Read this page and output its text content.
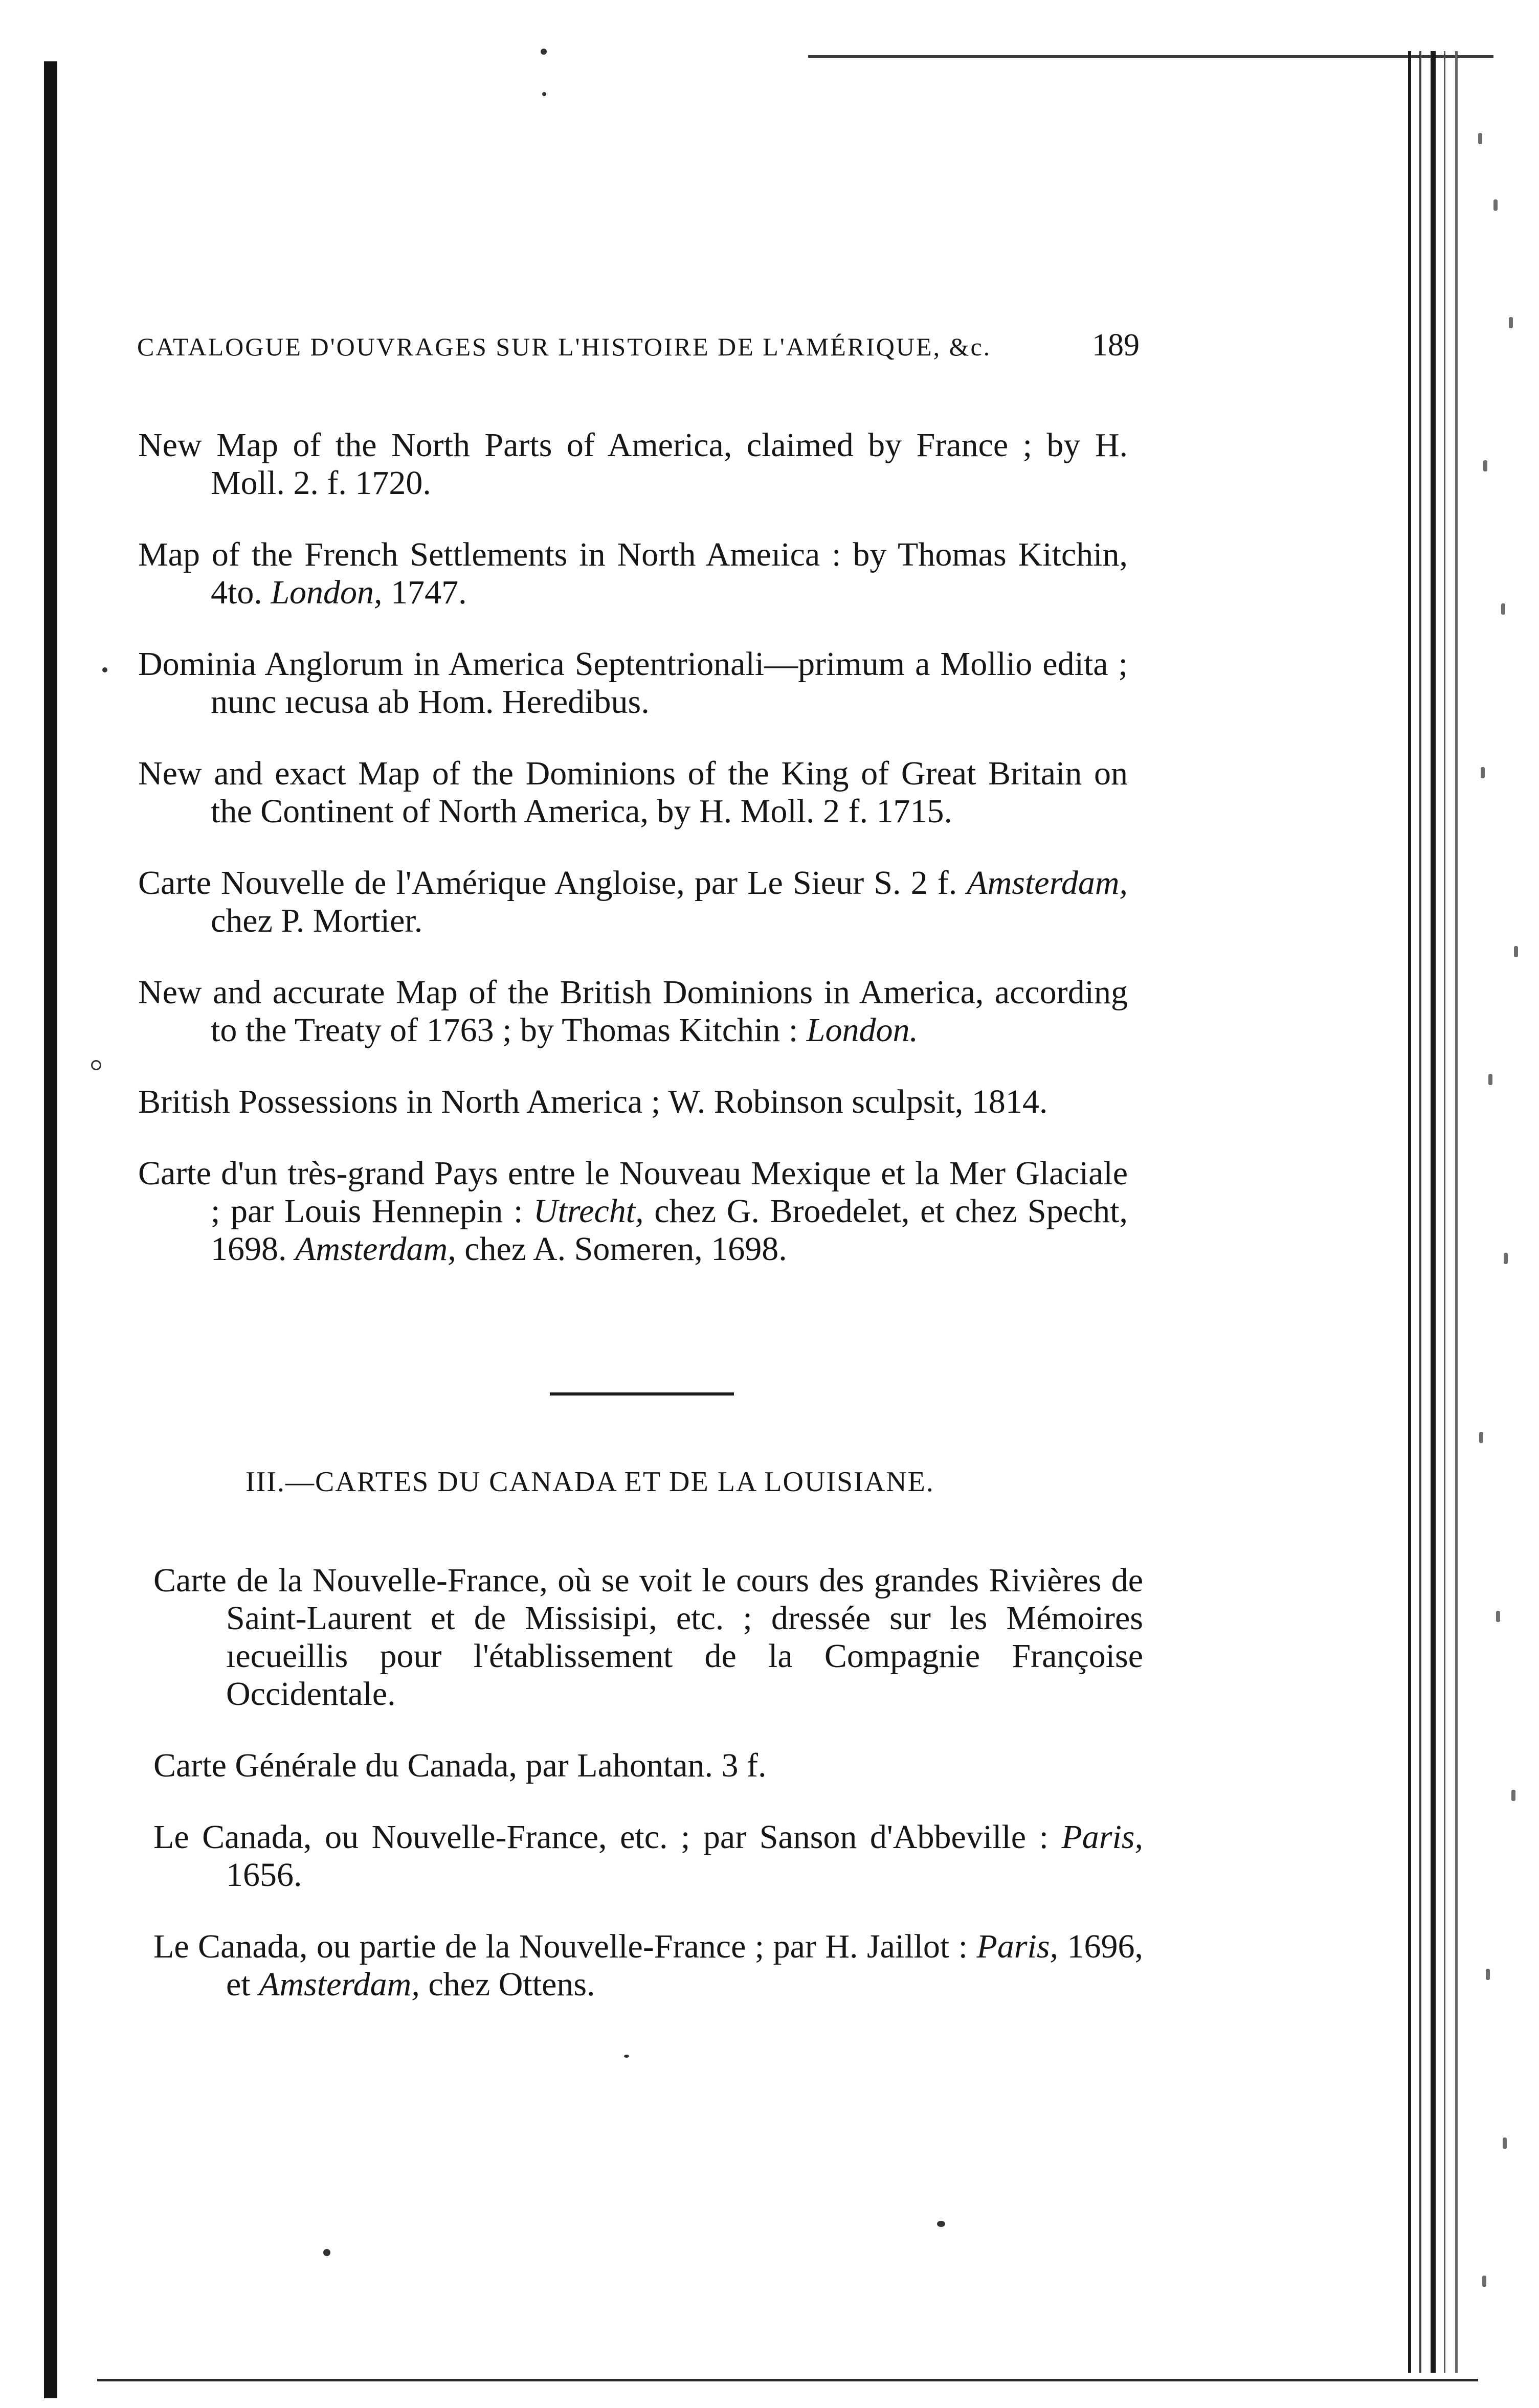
CATALOGUE D'OUVRAGES SUR L'HISTOIRE DE L'AMÉRIQUE, &c.	189

New Map of the North Parts of America, claimed by France ; by H. Moll. 2. f. 1720.

Map of the French Settlements in North Ameıica : by Thomas Kitchin, 4to. London, 1747.

Dominia Anglorum in America Septentrionali—primum a Mollio edita ; nunc ıecusa ab Hom. Heredibus.

New and exact Map of the Dominions of the King of Great Britain on the Continent of North America, by H. Moll. 2 f. 1715.

Carte Nouvelle de l'Amérique Angloise, par Le Sieur S. 2 f. Amsterdam, chez P. Mortier.

New and accurate Map of the British Dominions in America, according to the Treaty of 1763 ; by Thomas Kitchin : London.

British Possessions in North America ; W. Robinson sculpsit, 1814.

Carte d'un très-grand Pays entre le Nouveau Mexique et la Mer Glaciale ; par Louis Hennepin : Utrecht, chez G. Broedelet, et chez Specht, 1698. Amsterdam, chez A. Someren, 1698.

III.—CARTES DU CANADA ET DE LA LOUISIANE.

Carte de la Nouvelle-France, où se voit le cours des grandes Rivières de Saint-Laurent et de Missisipi, etc. ; dressée sur les Mémoires ıecueillis pour l'établissement de la Compagnie Françoise Occidentale.

Carte Générale du Canada, par Lahontan. 3 f.

Le Canada, ou Nouvelle-France, etc. ; par Sanson d'Abbeville : Paris, 1656.

Le Canada, ou partie de la Nouvelle-France ; par H. Jaillot : Paris, 1696, et Amsterdam, chez Ottens.
